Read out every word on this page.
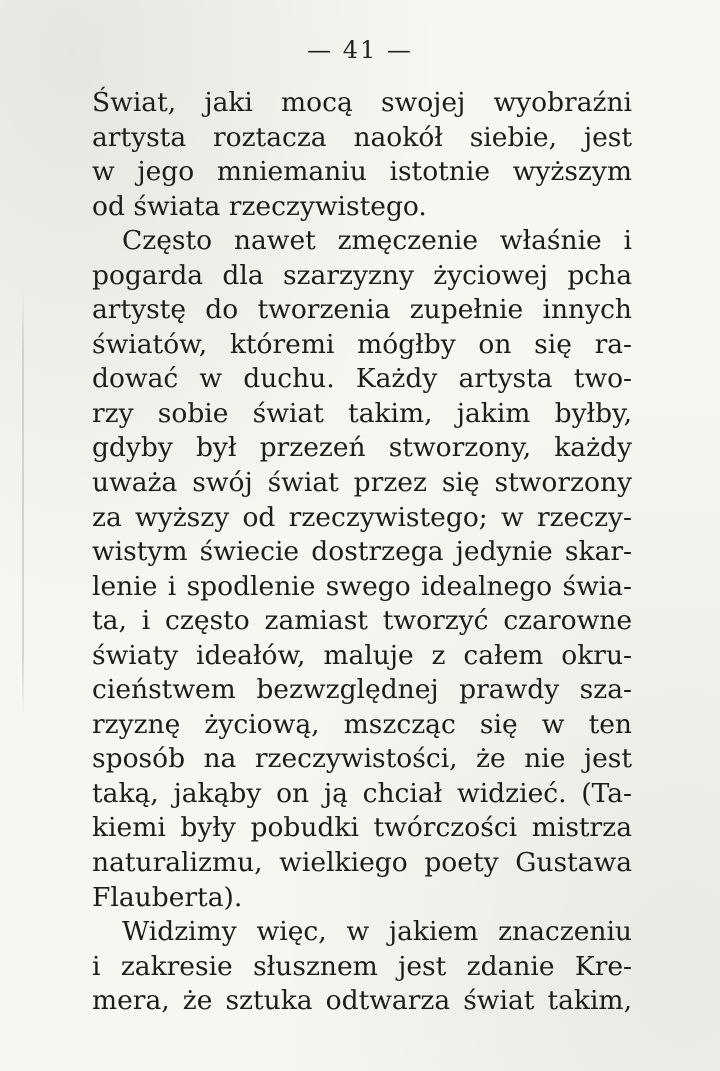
— 41 —
Świat, jaki mocą swojej wyobraźni
artysta roztacza naokół siebie, jest
w jego mniemaniu istotnie wyższym
od świata rzeczywistego.
Często nawet zmęczenie właśnie i
pogarda dla szarzyzny życiowej pcha
artystę do tworzenia zupełnie innych
światów, któremi mógłby on się ra-
dować w duchu. Każdy artysta two-
rzy sobie świat takim, jakim byłby,
gdyby był przezeń stworzony, każdy
uważa swój świat przez się stworzony
za wyższy od rzeczywistego; w rzeczy-
wistym świecie dostrzega jedynie skar-
lenie i spodlenie swego idealnego świa-
ta, i często zamiast tworzyć czarowne
światy ideałów, maluje z całem okru-
cieństwem bezwzględnej prawdy sza-
rzyznę życiową, mszcząc się w ten
sposób na rzeczywistości, że nie jest
taką, jakąby on ją chciał widzieć. (Ta-
kiemi były pobudki twórczości mistrza
naturalizmu, wielkiego poety Gustawa
Flauberta).
Widzimy więc, w jakiem znaczeniu
i zakresie słusznem jest zdanie Kre-
mera, że sztuka odtwarza świat takim,
